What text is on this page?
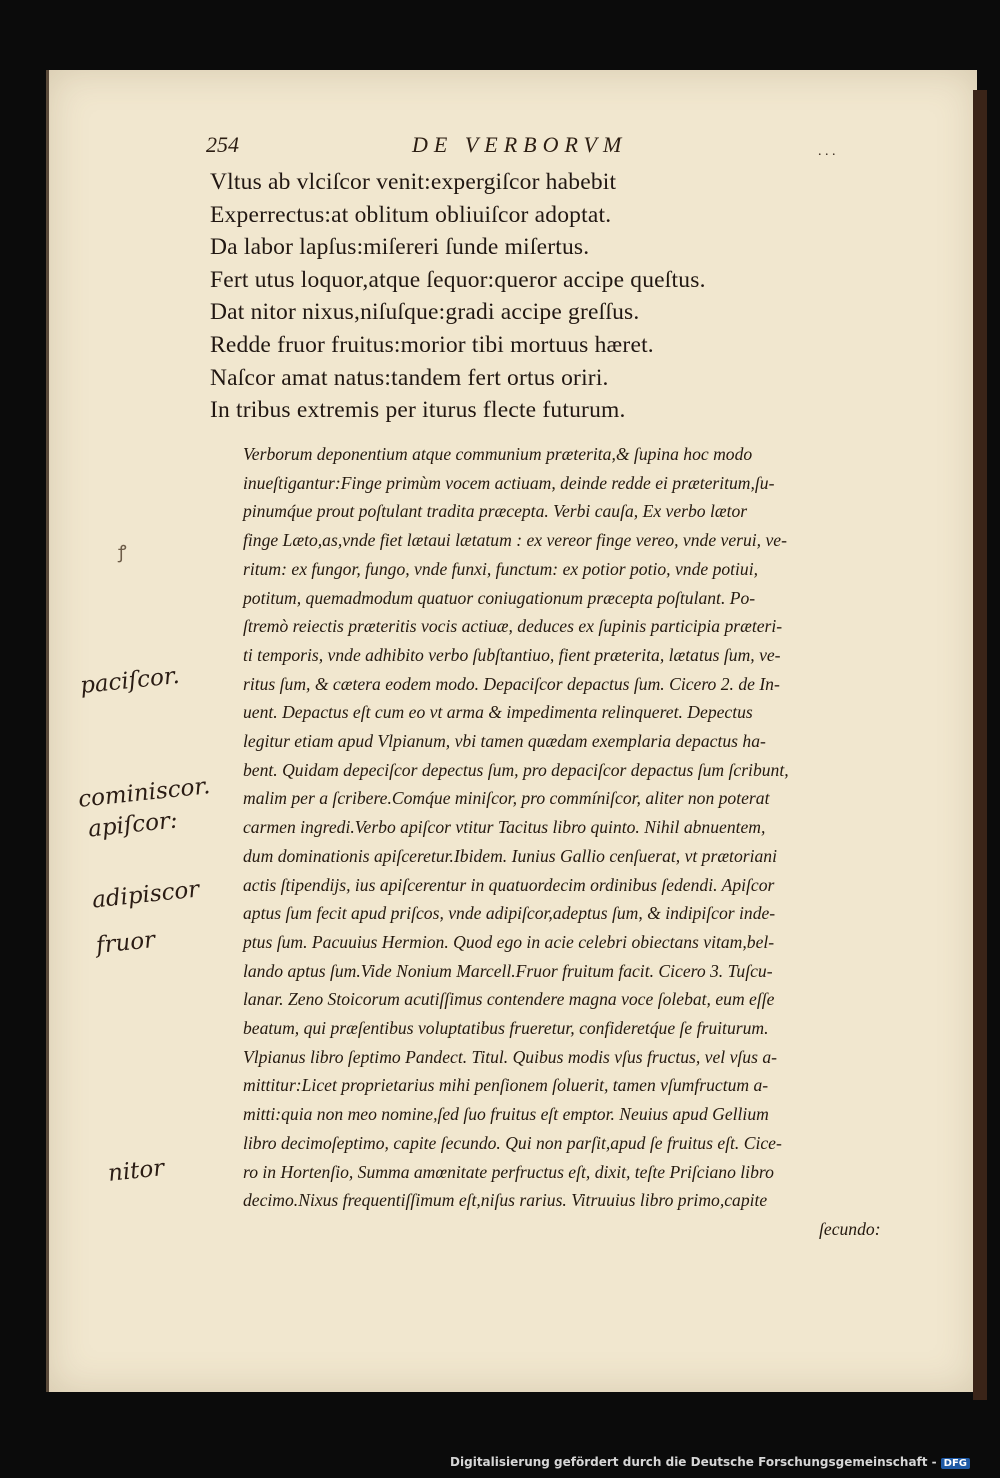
254	DE VERBORVM	. . .
Vltus ab vlciſcor venit:expergiſcor habebit
Experrectus:at oblitum obliuiſcor adoptat.
Da labor lapſus:miſereri ſunde miſertus.
Fert utus loquor,atque ſequor:queror accipe queſtus.
Dat nitor nixus,niſuſque:gradi accipe greſſus.
Redde fruor fruitus:morior tibi mortuus hæret.
Naſcor amat natus:tandem fert ortus oriri.
In tribus extremis per iturus flecte futurum.
Verborum deponentium atque communium præterita,& ſupina hoc modo
inueſtigantur:Finge primùm vocem actiuam, deinde redde ei præteritum,ſu-
pinumq́ue prout poſtulant tradita præcepta. Verbi cauſa, Ex verbo lætor
finge Læto,as,vnde fiet lætaui lætatum : ex vereor finge vereo, vnde verui, ve-
ritum: ex fungor, fungo, vnde funxi, functum: ex potior potio, vnde potiui,
potitum, quemadmodum quatuor coniugationum præcepta poſtulant. Po-
ſtremò reiectis præteritis vocis actiuæ, deduces ex ſupinis participia præteri-
ti temporis, vnde adhibito verbo ſubſtantiuo, fient præterita, lætatus ſum, ve-
ritus ſum, & cætera eodem modo. Depaciſcor depactus ſum. Cicero 2. de In-
uent. Depactus eſt cum eo vt arma & impedimenta relinqueret. Depectus
legitur etiam apud Vlpianum, vbi tamen quædam exemplaria depactus ha-
bent. Quidam depeciſcor depectus ſum, pro depaciſcor depactus ſum ſcribunt,
malim per a ſcribere.Comq́ue miniſcor, pro commíniſcor, aliter non poterat
carmen ingredi.Verbo apiſcor vtitur Tacitus libro quinto. Nihil abnuentem,
dum dominationis apiſceretur.Ibidem. Iunius Gallio cenſuerat, vt prætoriani
actis ſtipendijs, ius apiſcerentur in quatuordecim ordinibus ſedendi. Apiſcor
aptus ſum fecit apud priſcos, vnde adipiſcor,adeptus ſum, & indipiſcor inde-
ptus ſum. Pacuuius Hermion. Quod ego in acie celebri obiectans vitam,bel-
lando aptus ſum.Vide Nonium Marcell.Fruor fruitum facit. Cicero 3. Tuſcu-
lanar. Zeno Stoicorum acutiſſimus contendere magna voce ſolebat, eum eſſe
beatum, qui præſentibus voluptatibus frueretur, confideretq́ue ſe fruiturum.
Vlpianus libro ſeptimo Pandect. Titul. Quibus modis vſus fructus, vel vſus a-
mittitur:Licet proprietarius mihi penſionem ſoluerit, tamen vſumfructum a-
mitti:quia non meo nomine,ſed ſuo fruitus eſt emptor. Neuius apud Gellium
libro decimoſeptimo, capite ſecundo. Qui non parſit,apud ſe fruitus eſt. Cice-
ro in Hortenſio, Summa amœnitate perfructus eſt, dixit, teſte Priſciano libro
decimo.Nixus frequentiſſimum eſt,niſus rarius. Vitruuius libro primo,capite
ſecundo:
ꝭ
paciſcor.
cominiscor.
apiſcor:
adipiscor
fruor
nitor
Digitalisierung gefördert durch die Deutsche Forschungsgemeinschaft - DFG
